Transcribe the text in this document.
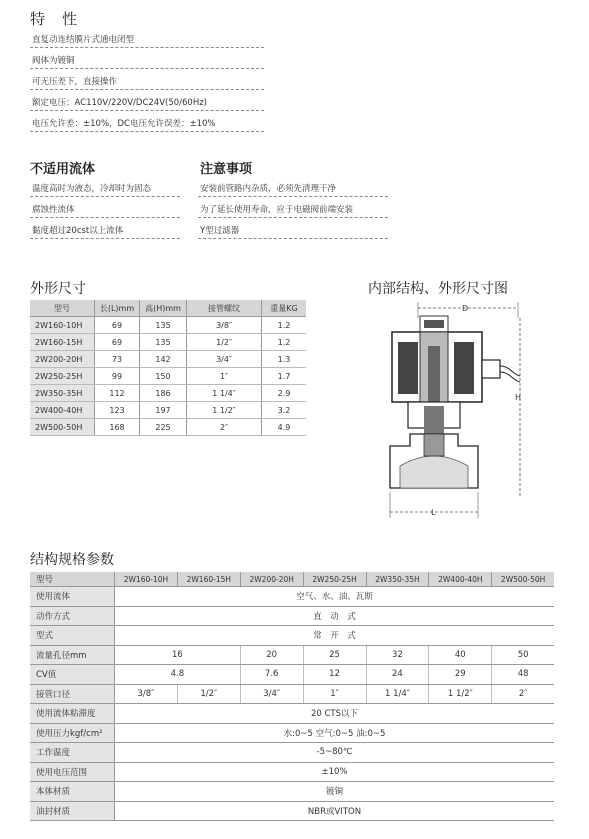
特　性
直复动连结膜片式通电闭型
阀体为镀铜
可无压差下，直接操作
额定电压：AC110V/220V/DC24V(50/60Hz)
电压允许差：±10%，DC电压允许误差：±10%
不适用流体
温度高时为液态，冷却时为固态
腐蚀性流体
黏度超过20cst以上流体
注意事项
安装前管路内杂质，必须先清理干净
为了延长使用寿命，应于电磁阀前端安装
Y型过滤器
外形尺寸
型号	长(L)mm	高(H)mm	接管螺纹	重量KG
2W160-10H	69	135	3/8″	1.2
2W160-15H	69	135	1/2″	1.2
2W200-20H	73	142	3/4″	1.3
2W250-25H	99	150	1″	1.7
2W350-35H	112	186	1 1/4″	2.9
2W400-40H	123	197	1 1/2″	3.2
2W500-50H	168	225	2″	4.9
内部结构、外形尺寸图
D
H
L
结构规格参数
型号	2W160-10H	2W160-15H	2W200-20H	2W250-25H	2W350-35H	2W400-40H	2W500-50H
使用流体	空气、水、油、瓦斯						
动作方式	直　动　式						
型式	常　开　式						
流量孔径mm	16		20	25	32	40	50
CV值	4.8		7.6	12	24	29	48
接管口径	3/8″	1/2″	3/4″	1″	1 1/4″	1 1/2″	2″
使用流体粘滞度	20 CTS以下						
使用压力kgf/cm²	水:0~5 空气:0~5 油:0~5						
工作温度	-5~80℃						
使用电压范围	±10%						
本体材质	镀铜						
油封材质	NBR或VITON						
